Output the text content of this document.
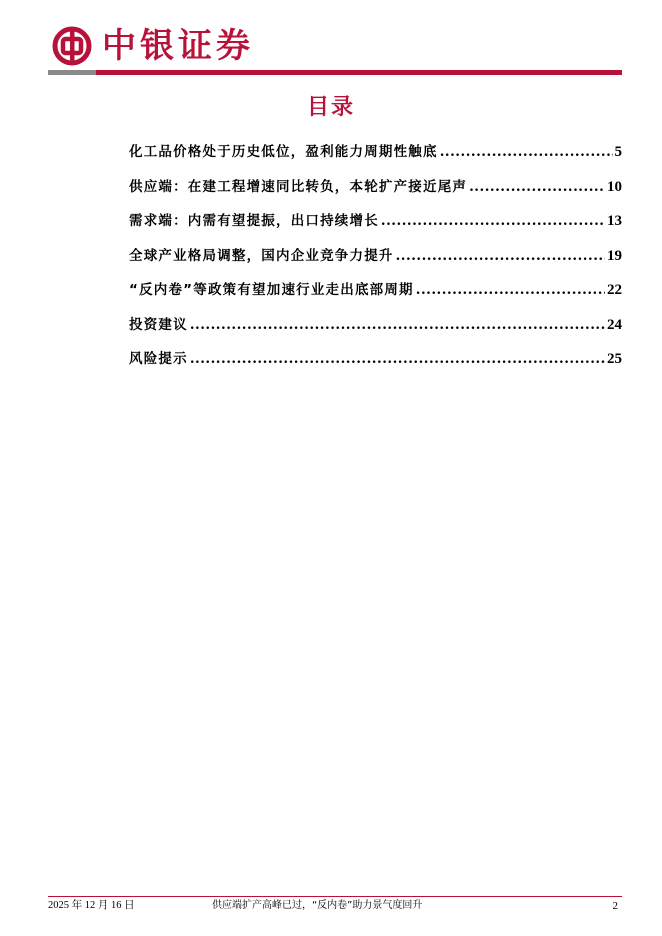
中银证券
目录
化工品价格处于历史低位，盈利能力周期性触底 .....	5
供应端：在建工程增速同比转负，本轮扩产接近尾声 .....	10
需求端：内需有望提振，出口持续增长 .....	13
全球产业格局调整，国内企业竞争力提升 .....	19
“反内卷”等政策有望加速行业走出底部周期 .....	22
投资建议 .....	24
风险提示 .....	25
2025 年 12 月 16 日	供应端扩产高峰已过，“反内卷”助力景气度回升	2
